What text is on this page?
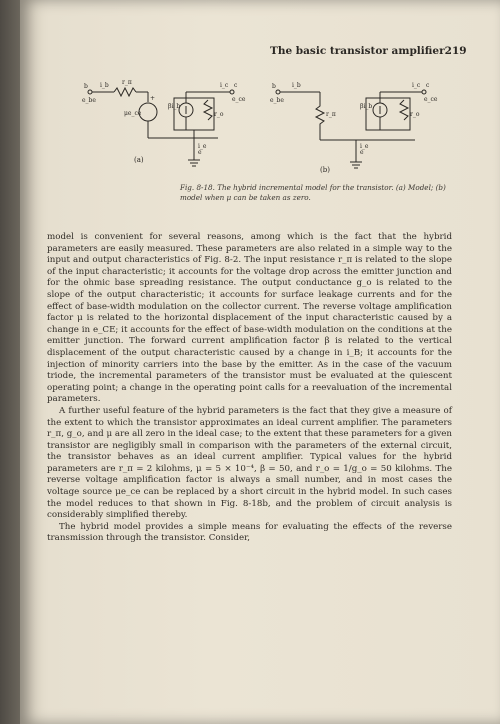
The basic transistor amplifier 219
b i_b
e_be
r_π
+
μe_ce
βi_b
r_o
i_c c
e_ce
i_e
e
(a)
b	i_b
e_be
r_π
βi_b
r_o
i_c c
e_ce
i_e
e
(b)
Fig. 8-18. The hybrid incremental model for the transistor. (a) Model; (b) model when μ can be taken as zero.

model is convenient for several reasons, among which is the fact that the hybrid parameters are easily measured. These parameters are also related in a simple way to the input and output characteristics of Fig. 8-2. The input resistance r_π is related to the slope of the input characteristic; it accounts for the voltage drop across the emitter junction and for the ohmic base spreading resistance. The output conductance g_o is related to the slope of the output characteristic; it accounts for surface leakage currents and for the effect of base-width modulation on the collector current. The reverse voltage amplification factor μ is related to the horizontal displacement of the input characteristic caused by a change in e_CE; it accounts for the effect of base-width modulation on the conditions at the emitter junction. The forward current amplification factor β is related to the vertical displacement of the output characteristic caused by a change in i_B; it accounts for the injection of minority carriers into the base by the emitter. As in the case of the vacuum triode, the incremental parameters of the transistor must be evaluated at the quiescent operating point; a change in the operating point calls for a reevaluation of the incremental parameters.

A further useful feature of the hybrid parameters is the fact that they give a measure of the extent to which the transistor approximates an ideal current amplifier. The parameters r_π, g_o, and μ are all zero in the ideal case; to the extent that these parameters for a given transistor are negligibly small in comparison with the parameters of the external circuit, the transistor behaves as an ideal current amplifier. Typical values for the hybrid parameters are r_π = 2 kilohms, μ = 5 × 10⁻⁴, β = 50, and r_o = 1/g_o = 50 kilohms. The reverse voltage amplification factor is always a small number, and in most cases the voltage source μe_ce can be replaced by a short circuit in the hybrid model. In such cases the model reduces to that shown in Fig. 8-18b, and the problem of circuit analysis is considerably simplified thereby.

The hybrid model provides a simple means for evaluating the effects of the reverse transmission through the transistor. Consider,
